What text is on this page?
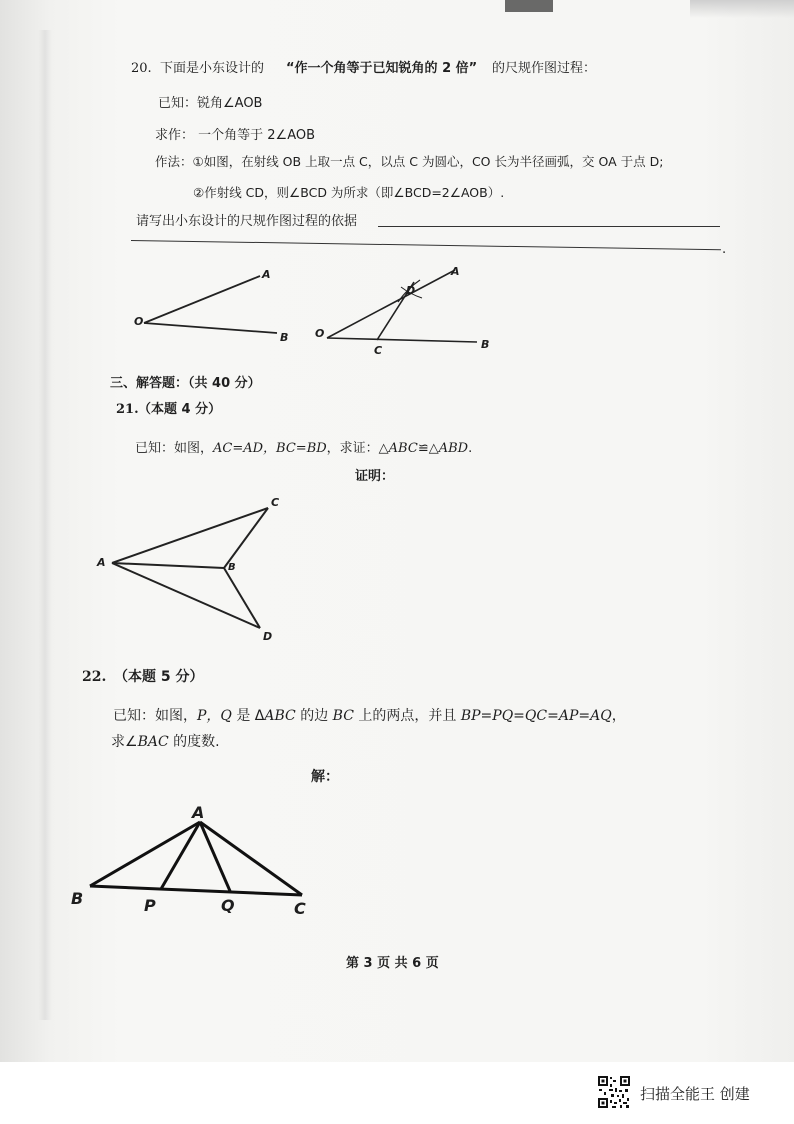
20. 下面是小东设计的 “作一个角等于已知锐角的 2 倍” 的尺规作图过程：
已知：锐角∠AOB
求作： 一个角等于 2∠AOB
作法：①如图，在射线 OB 上取一点 C，以点 C 为圆心，CO 长为半径画弧，交 OA 于点 D;
②作射线 CD，则∠BCD 为所求（即∠BCD=2∠AOB）.
请写出小东设计的尺规作图过程的依据
.
A
O
B
A
D
O
C	B
三、解答题：（共 40 分）
21. （本题 4 分）
已知：如图，AC=AD，BC=BD，求证：△ABC≌△ABD.
证明：
A	B
C
D
22. （本题 5 分）
已知：如图，P，Q 是 ΔABC 的边 BC 上的两点，并且 BP=PQ=QC=AP=AQ，
求∠BAC 的度数.
解：
A
B	P	Q	C
第 3 页 共 6 页
扫描全能王 创建
